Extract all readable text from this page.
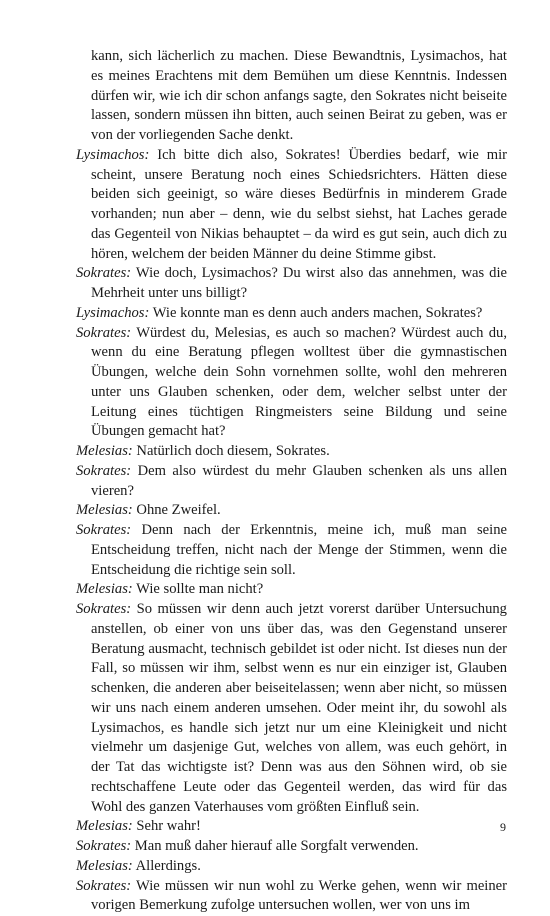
kann, sich lächerlich zu machen. Diese Bewandtnis, Lysimachos, hat es meines Erachtens mit dem Bemühen um diese Kenntnis. Indessen dürfen wir, wie ich dir schon anfangs sagte, den Sokrates nicht beiseite lassen, sondern müssen ihn bitten, auch seinen Beirat zu geben, was er von der vorliegenden Sache denkt.

Lysimachos: Ich bitte dich also, Sokrates! Überdies bedarf, wie mir scheint, unsere Beratung noch eines Schiedsrichters. Hätten diese beiden sich geeinigt, so wäre dieses Bedürfnis in minderem Grade vorhanden; nun aber – denn, wie du selbst siehst, hat Laches gerade das Gegenteil von Nikias behauptet – da wird es gut sein, auch dich zu hören, welchem der beiden Männer du deine Stimme gibst.

Sokrates: Wie doch, Lysimachos? Du wirst also das annehmen, was die Mehrheit unter uns billigt?

Lysimachos: Wie konnte man es denn auch anders machen, Sokrates?

Sokrates: Würdest du, Melesias, es auch so machen? Würdest auch du, wenn du eine Beratung pflegen wolltest über die gymnastischen Übungen, welche dein Sohn vornehmen sollte, wohl den mehreren unter uns Glauben schenken, oder dem, welcher selbst unter der Leitung eines tüchtigen Ringmeisters seine Bildung und seine Übungen gemacht hat?

Melesias: Natürlich doch diesem, Sokrates.

Sokrates: Dem also würdest du mehr Glauben schenken als uns allen vieren?

Melesias: Ohne Zweifel.

Sokrates: Denn nach der Erkenntnis, meine ich, muß man seine Entscheidung treffen, nicht nach der Menge der Stimmen, wenn die Entscheidung die richtige sein soll.

Melesias: Wie sollte man nicht?

Sokrates: So müssen wir denn auch jetzt vorerst darüber Untersuchung anstellen, ob einer von uns über das, was den Gegenstand unserer Beratung ausmacht, technisch gebildet ist oder nicht. Ist dieses nun der Fall, so müssen wir ihm, selbst wenn es nur ein einziger ist, Glauben schenken, die anderen aber beiseitelassen; wenn aber nicht, so müssen wir uns nach einem anderen umsehen. Oder meint ihr, du sowohl als Lysimachos, es handle sich jetzt nur um eine Kleinigkeit und nicht vielmehr um dasjenige Gut, welches von allem, was euch gehört, in der Tat das wichtigste ist? Denn was aus den Söhnen wird, ob sie rechtschaffene Leute oder das Gegenteil werden, das wird für das Wohl des ganzen Vaterhauses vom größten Einfluß sein.

Melesias: Sehr wahr!

Sokrates: Man muß daher hierauf alle Sorgfalt verwenden.

Melesias: Allerdings.

Sokrates: Wie müssen wir nun wohl zu Werke gehen, wenn wir meiner vorigen Bemerkung zufolge untersuchen wollen, wer von uns im

9
